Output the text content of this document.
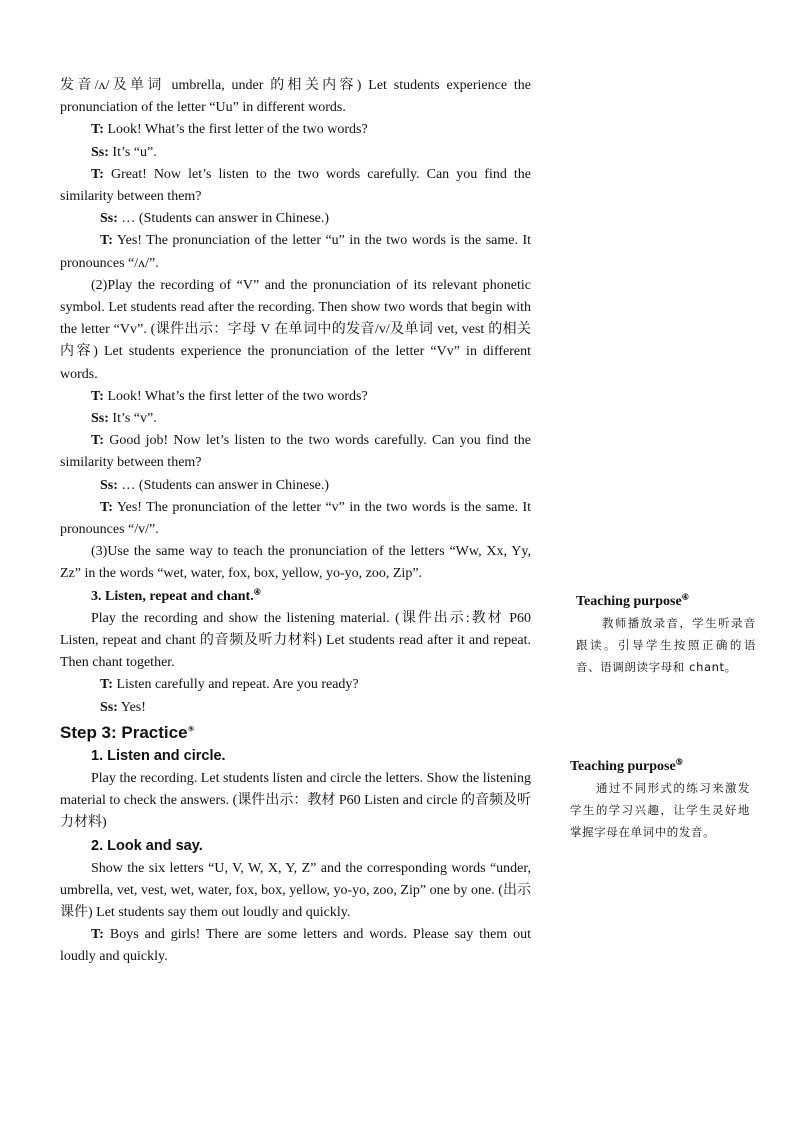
发音/ʌ/及单词 umbrella, under 的相关内容) Let students experience the pronunciation of the letter “Uu” in different words.

T: Look! What’s the first letter of the two words?

Ss: It’s “u”.

T: Great! Now let’s listen to the two words carefully. Can you find the similarity between them?

Ss: … (Students can answer in Chinese.)

T: Yes! The pronunciation of the letter “u” in the two words is the same. It pronounces “/ʌ/”.

(2)Play the recording of “V” and the pronunciation of its relevant phonetic symbol. Let students read after the recording. Then show two words that begin with the letter “Vv”. (课件出示：字母 V 在单词中的发音/v/及单词 vet, vest 的相关内容) Let students experience the pronunciation of the letter “Vv” in different words.

T: Look! What’s the first letter of the two words?

Ss: It’s “v”.

T: Good job! Now let’s listen to the two words carefully. Can you find the similarity between them?

Ss: … (Students can answer in Chinese.)

T: Yes! The pronunciation of the letter “v” in the two words is the same. It pronounces “/v/”.

(3)Use the same way to teach the pronunciation of the letters “Ww, Xx, Yy, Zz” in the words “wet, water, fox, box, yellow, yo-yo, zoo, Zip”.

3. Listen, repeat and chant.④

Play the recording and show the listening material. (课件出示:教材 P60 Listen, repeat and chant 的音频及听力材料) Let students read after it and repeat. Then chant together.

T: Listen carefully and repeat. Are you ready?

Ss: Yes!

Step 3: Practice⑤

1. Listen and circle.

Play the recording. Let students listen and circle the letters. Show the listening material to check the answers. (课件出示：教材 P60 Listen and circle 的音频及听力材料)

2. Look and say.

Show the six letters “U, V, W, X, Y, Z” and the corresponding words “under, umbrella, vet, vest, wet, water, fox, box, yellow, yo-yo, zoo, Zip” one by one. (出示课件) Let students say them out loudly and quickly.

T: Boys and girls! There are some letters and words. Please say them out loudly and quickly.

Teaching purpose④

教师播放录音，学生听录音跟读。引导学生按照正确的语音、语调朗读字母和 chant。

Teaching purpose⑤

通过不同形式的练习来激发学生的学习兴趣，让学生灵好地掌握字母在单词中的发音。
